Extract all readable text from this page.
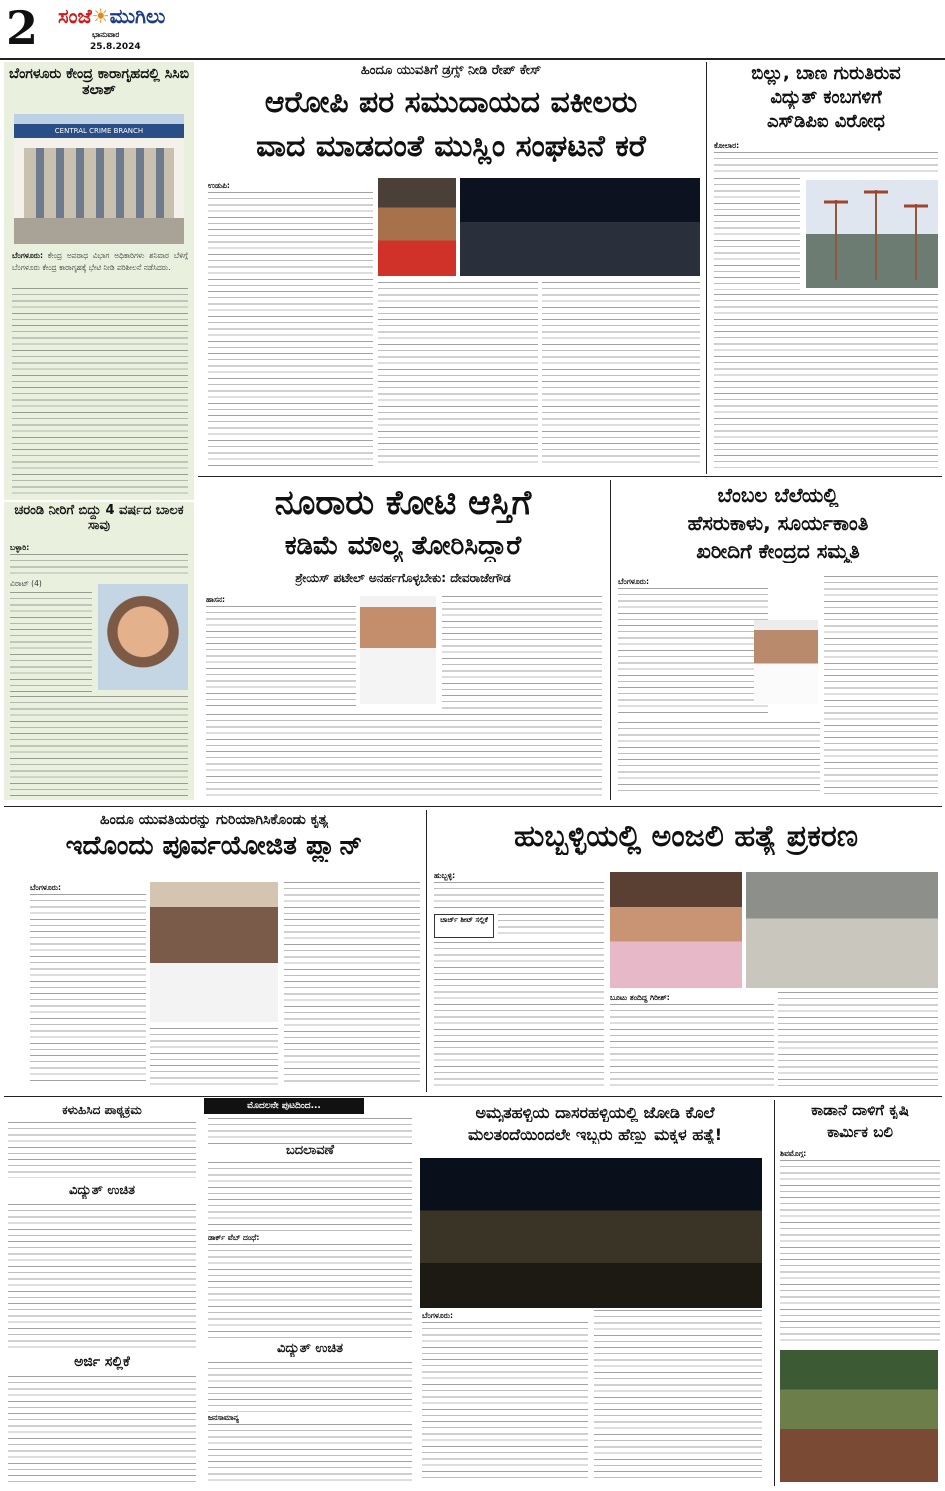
2 ಸಂಜೆ☀ಮುಗಿಲು
ಭಾನುವಾರ
25.8.2024
ಬೆಂಗಳೂರು ಕೇಂದ್ರ ಕಾರಾಗೃಹದಲ್ಲಿ ಸಿಸಿಬಿ ತಲಾಶ್
CENTRAL CRIME BRANCH
ಬೆಂಗಳೂರು: ಕೇಂದ್ರ ಅಪರಾಧ ವಿಭಾಗ ಅಧಿಕಾರಿಗಳು ಶನಿವಾರ ಬೆಳಿಗ್ಗೆ ಬೆಂಗಳೂರು ಕೇಂದ್ರ ಕಾರಾಗೃಹಕ್ಕೆ ಭೇಟಿ ನೀಡಿ ಪರಿಶೀಲನೆ ನಡೆಸಿದರು.
ಹಿಂದೂ ಯುವತಿಗೆ ಡ್ರಗ್ಸ್ ನೀಡಿ ರೇಪ್ ಕೇಸ್
ಆರೋಪಿ ಪರ ಸಮುದಾಯದ ವಕೀಲರು
ವಾದ ಮಾಡದಂತೆ ಮುಸ್ಲಿಂ ಸಂಘಟನೆ ಕರೆ
ಉಡುಪಿ:
ಬಿಲ್ಲು, ಬಾಣ ಗುರುತಿರುವ
ವಿದ್ಯುತ್ ಕಂಬಗಳಿಗೆ
ಎಸ್‌ಡಿಪಿಐ ವಿರೋಧ
ಕೋಲಾರ:
ಚರಂಡಿ ನೀರಿಗೆ ಬಿದ್ದು 4 ವರ್ಷದ ಬಾಲಕ ಸಾವು
ಬಳ್ಳಾರಿ:
ವಿರಾಟ್ (4)
ನೂರಾರು ಕೋಟಿ ಆಸ್ತಿಗೆ
ಕಡಿಮೆ ಮೌಲ್ಯ ತೋರಿಸಿದ್ದಾರೆ
ಶ್ರೇಯಸ್ ಪಟೇಲ್ ಅನರ್ಹಗೊಳ್ಳಬೇಕು: ದೇವರಾಜೇಗೌಡ
ಹಾಸನ:
ಬೆಂಬಲ ಬೆಲೆಯಲ್ಲಿ
ಹೆಸರುಕಾಳು, ಸೂರ್ಯಕಾಂತಿ
ಖರೀದಿಗೆ ಕೇಂದ್ರದ ಸಮ್ಮತಿ
ಬೆಂಗಳೂರು:
ಹಿಂದೂ ಯುವತಿಯರನ್ನು ಗುರಿಯಾಗಿಸಿಕೊಂಡು ಕೃತ್ಯ
ಇದೊಂದು ಪೂರ್ವಯೋಜಿತ ಪ್ಲ್ಯಾನ್
ಬೆಂಗಳೂರು:
ಹುಬ್ಬಳ್ಳಿಯಲ್ಲಿ ಅಂಜಲಿ ಹತ್ಯೆ ಪ್ರಕರಣ
ಹುಬ್ಬಳ್ಳಿ:
ಚಾರ್ಜ್ ಶೀಟ್ ಸಲ್ಲಿಕೆ
ಬೂಟು ತಂದಿದ್ದ ಗಿರೀಶ್:
ಕಳುಹಿಸಿದ ಪಾಠ್ಯಕ್ರಮ
ವಿದ್ಯುತ್ ಉಚಿತ
ಅರ್ಜಿ ಸಲ್ಲಿಕೆ
ಮೊದಲನೇ ಪುಟದಿಂದ...
ಬದಲಾವಣೆ
ಡಾರ್ಕ್ ವೆಬ್ ದಂಧೆ:
ವಿದ್ಯುತ್ ಉಚಿತ
ಜನಸಾಮಾನ್ಯ
ಅಮೃತಹಳ್ಳಿಯ ದಾಸರಹಳ್ಳಿಯಲ್ಲಿ ಜೋಡಿ ಕೊಲೆ
ಮಲತಂದೆಯಿಂದಲೇ ಇಬ್ಬರು ಹೆಣ್ಣು ಮಕ್ಕಳ ಹತ್ಯೆ!
ಬೆಂಗಳೂರು:
ಕಾಡಾನೆ ದಾಳಿಗೆ ಕೃಷಿ
ಕಾರ್ಮಿಕ ಬಲಿ
ಶಿವಮೊಗ್ಗ:
